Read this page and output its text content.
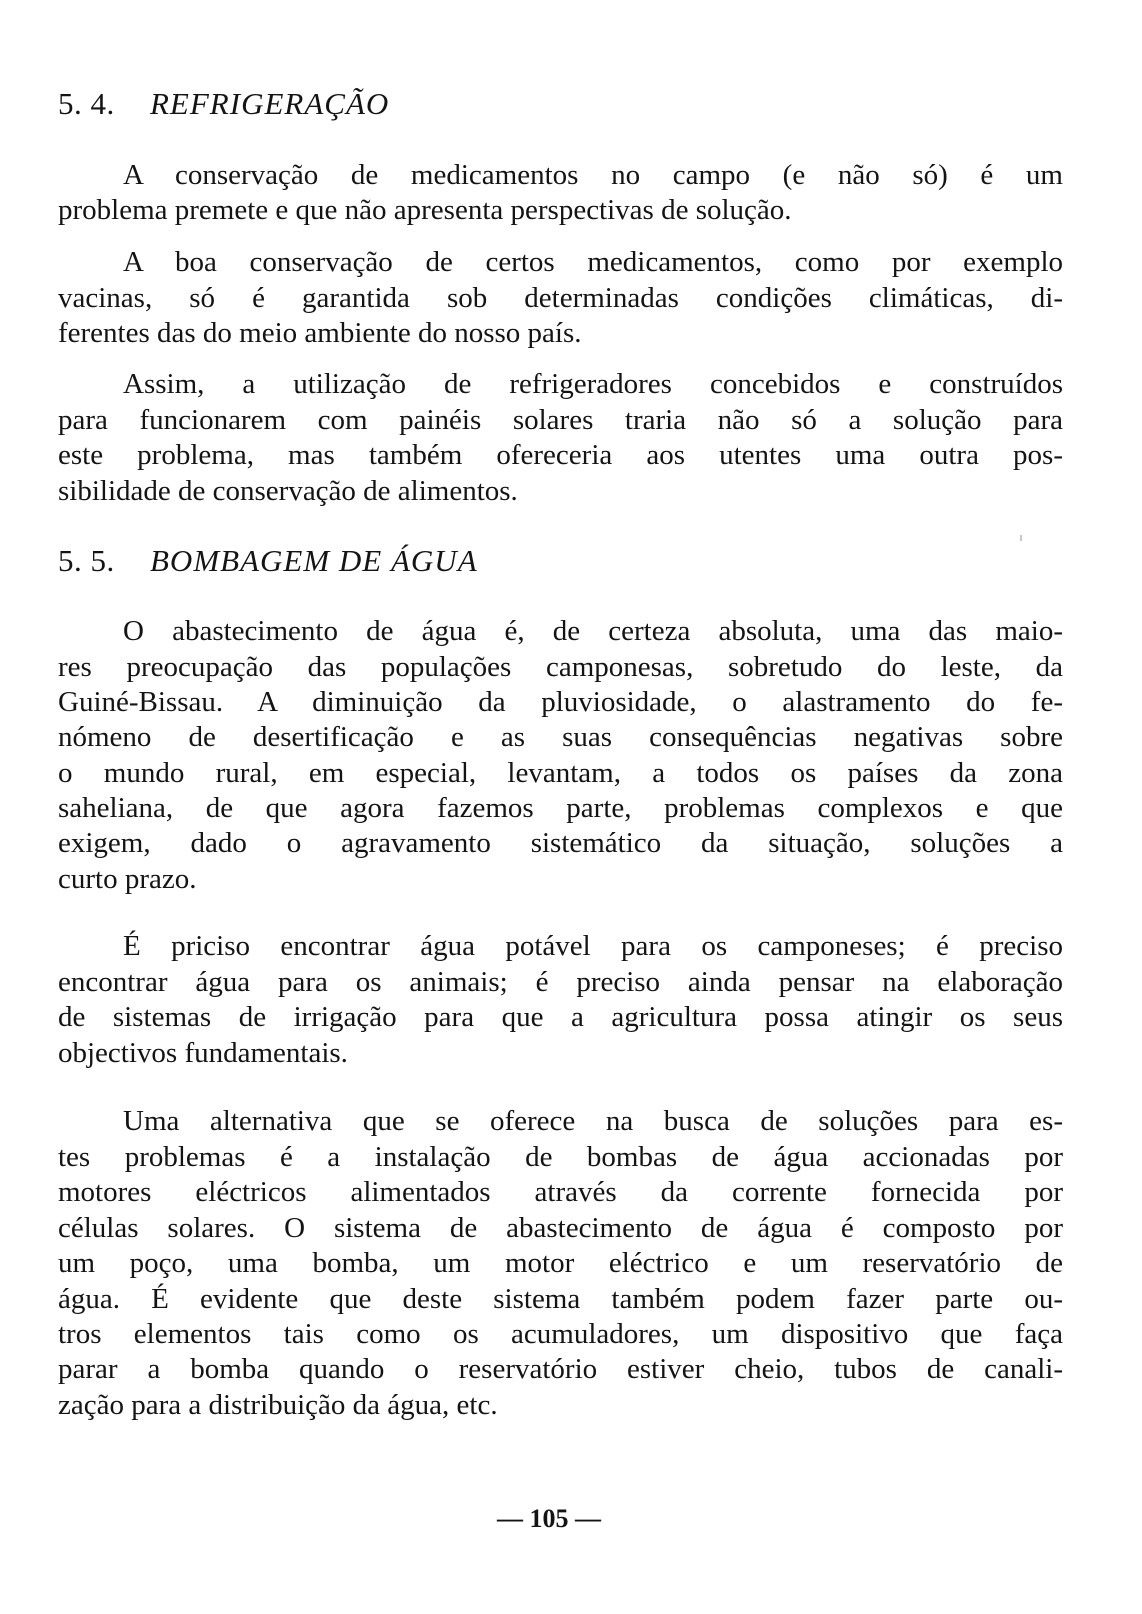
5. 4. REFRIGERAÇÃO
A conservação de medicamentos no campo (e não só) é um
problema premete e que não apresenta perspectivas de solução.
A boa conservação de certos medicamentos, como por exemplo
vacinas, só é garantida sob determinadas condições climáticas, di-
ferentes das do meio ambiente do nosso país.
Assim, a utilização de refrigeradores concebidos e construídos
para funcionarem com painéis solares traria não só a solução para
este problema, mas também ofereceria aos utentes uma outra pos-
sibilidade de conservação de alimentos.
5. 5. BOMBAGEM DE ÁGUA
O abastecimento de água é, de certeza absoluta, uma das maio-
res preocupação das populações camponesas, sobretudo do leste, da
Guiné-Bissau. A diminuição da pluviosidade, o alastramento do fe-
nómeno de desertificação e as suas consequências negativas sobre
o mundo rural, em especial, levantam, a todos os países da zona
saheliana, de que agora fazemos parte, problemas complexos e que
exigem, dado o agravamento sistemático da situação, soluções a
curto prazo.
É priciso encontrar água potável para os camponeses; é preciso
encontrar água para os animais; é preciso ainda pensar na elaboração
de sistemas de irrigação para que a agricultura possa atingir os seus
objectivos fundamentais.
Uma alternativa que se oferece na busca de soluções para es-
tes problemas é a instalação de bombas de água accionadas por
motores eléctricos alimentados através da corrente fornecida por
células solares. O sistema de abastecimento de água é composto por
um poço, uma bomba, um motor eléctrico e um reservatório de
água. É evidente que deste sistema também podem fazer parte ou-
tros elementos tais como os acumuladores, um dispositivo que faça
parar a bomba quando o reservatório estiver cheio, tubos de canali-
zação para a distribuição da água, etc.
— 105 —
